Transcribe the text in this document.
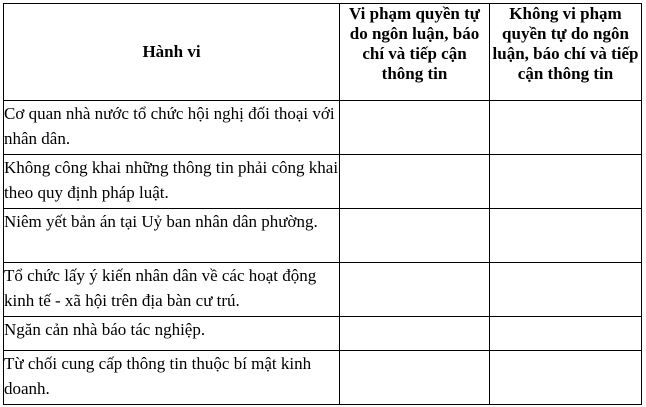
Hành vi	Vi phạm quyền tự do ngôn luận, báo chí và tiếp cận thông tin	Không vi phạm quyền tự do ngôn luận, báo chí và tiếp cận thông tin
Cơ quan nhà nước tổ chức hội nghị đối thoại với nhân dân.		
Không công khai những thông tin phải công khai theo quy định pháp luật.		
Niêm yết bản án tại Uỷ ban nhân dân phường.		
Tổ chức lấy ý kiến nhân dân về các hoạt động kinh tế - xã hội trên địa bàn cư trú.		
Ngăn cản nhà báo tác nghiệp.		
Từ chối cung cấp thông tin thuộc bí mật kinh doanh.		
